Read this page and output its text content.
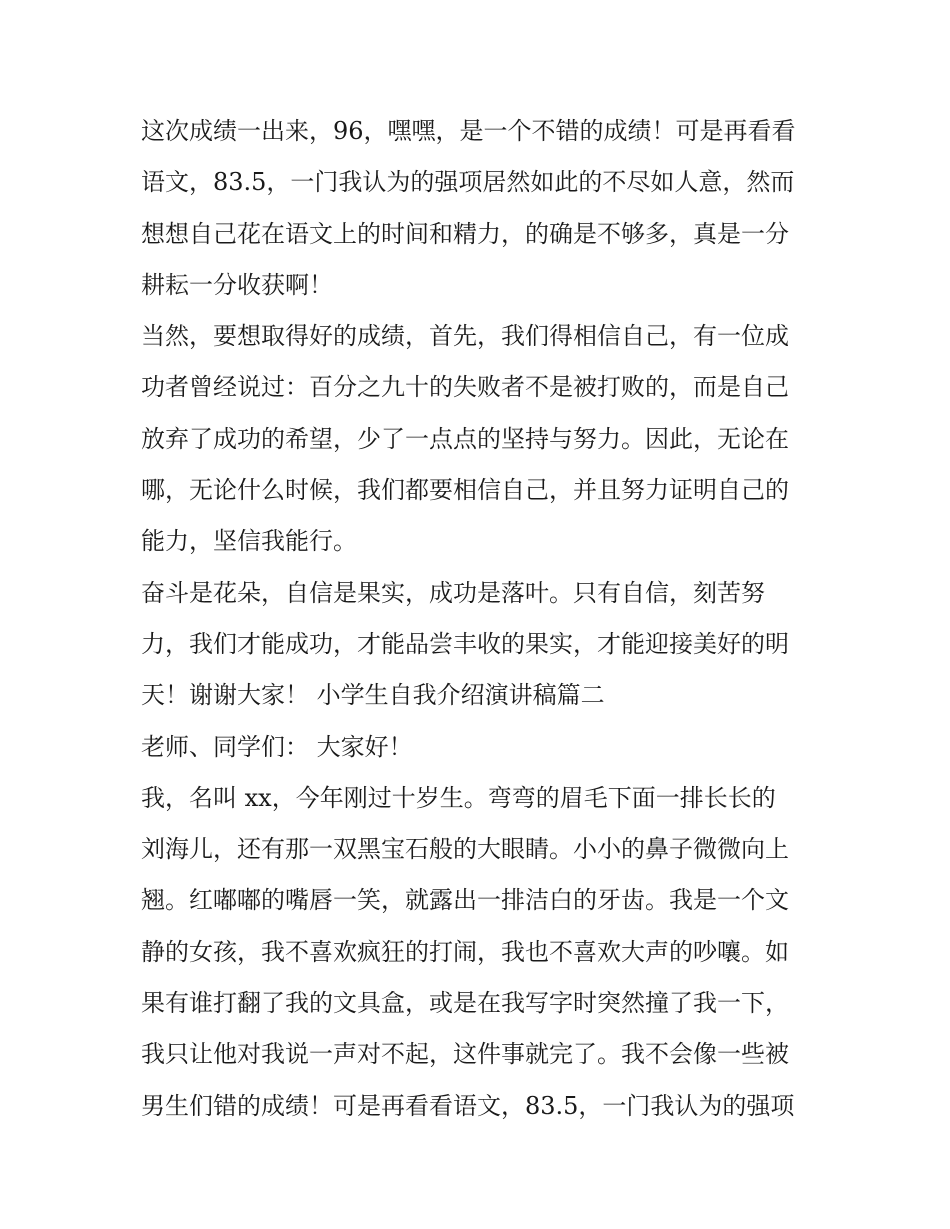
这次成绩一出来，96，嘿嘿，是一个不错的成绩！可是再看看
语文，83.5，一门我认为的强项居然如此的不尽如人意，然而
想想自己花在语文上的时间和精力，的确是不够多，真是一分
耕耘一分收获啊！
当然，要想取得好的成绩，首先，我们得相信自己，有一位成
功者曾经说过：百分之九十的失败者不是被打败的，而是自己
放弃了成功的希望，少了一点点的坚持与努力。因此，无论在
哪，无论什么时候，我们都要相信自己，并且努力证明自己的
能力，坚信我能行。
奋斗是花朵，自信是果实，成功是落叶。只有自信，刻苦努
力，我们才能成功，才能品尝丰收的果实，才能迎接美好的明
天！谢谢大家！ 小学生自我介绍演讲稿篇二
老师、同学们： 大家好！
我，名叫 xx，今年刚过十岁生。弯弯的眉毛下面一排长长的
刘海儿，还有那一双黑宝石般的大眼睛。小小的鼻子微微向上
翘。红嘟嘟的嘴唇一笑，就露出一排洁白的牙齿。我是一个文
静的女孩，我不喜欢疯狂的打闹，我也不喜欢大声的吵嚷。如
果有谁打翻了我的文具盒，或是在我写字时突然撞了我一下，
我只让他对我说一声对不起，这件事就完了。我不会像一些被
男生们错的成绩！可是再看看语文，83.5，一门我认为的强项
